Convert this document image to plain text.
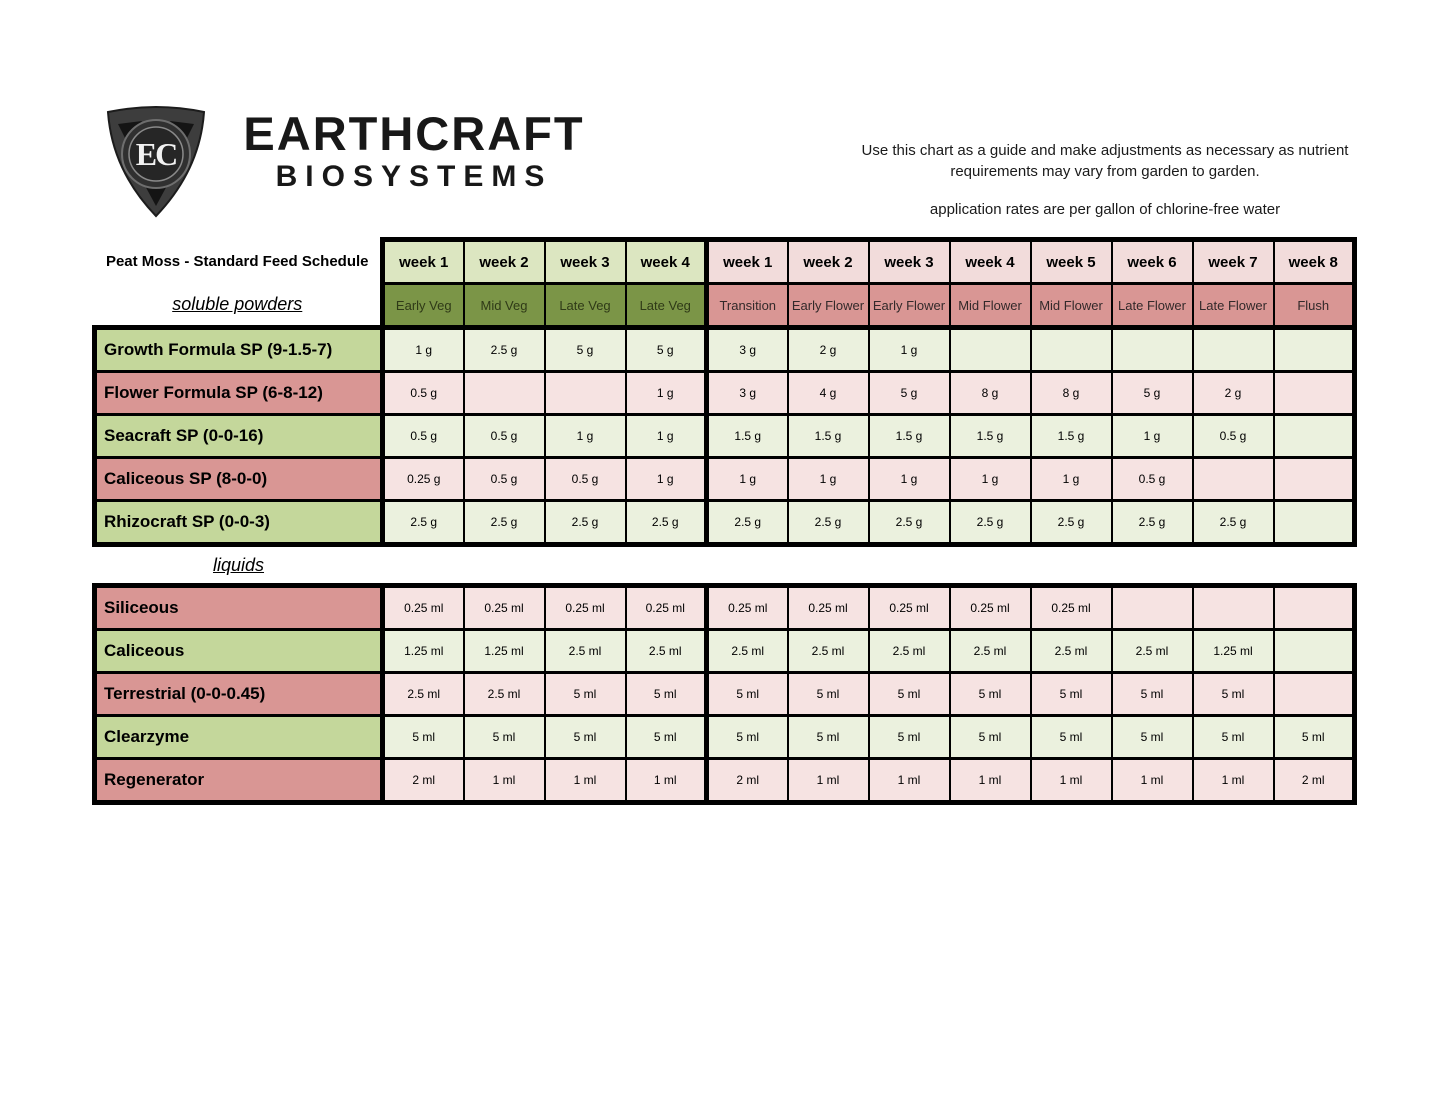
EC	EARTHCRAFT
BIOSYSTEMS
Use this chart as a guide and make adjustments as necessary as nutrient requirements may vary from garden to garden.
application rates are per gallon of chlorine-free water
Peat Moss - Standard Feed Schedule	week 1	week 2	week 3	week 4	week 1	week 2	week 3	week 4	week 5	week 6	week 7	week 8
soluble powders	Early Veg	Mid Veg	Late Veg	Late Veg	Transition	Early Flower	Early Flower	Mid Flower	Mid Flower	Late Flower	Late Flower	Flush
Growth Formula SP (9-1.5-7)	1 g	2.5 g	5 g	5 g	3 g	2 g	1 g					
Flower Formula SP (6-8-12)	0.5 g			1 g	3 g	4 g	5 g	8 g	8 g	5 g	2 g	
Seacraft SP (0-0-16)	0.5 g	0.5 g	1 g	1 g	1.5 g	1.5 g	1.5 g	1.5 g	1.5 g	1 g	0.5 g	
Caliceous SP (8-0-0)	0.25 g	0.5 g	0.5 g	1 g	1 g	1 g	1 g	1 g	1 g	0.5 g		
Rhizocraft SP (0-0-3)	2.5 g	2.5 g	2.5 g	2.5 g	2.5 g	2.5 g	2.5 g	2.5 g	2.5 g	2.5 g	2.5 g	
liquids												
Siliceous	0.25 ml	0.25 ml	0.25 ml	0.25 ml	0.25 ml	0.25 ml	0.25 ml	0.25 ml	0.25 ml			
Caliceous	1.25 ml	1.25 ml	2.5 ml	2.5 ml	2.5 ml	2.5 ml	2.5 ml	2.5 ml	2.5 ml	2.5 ml	1.25 ml	
Terrestrial (0-0-0.45)	2.5 ml	2.5 ml	5 ml	5 ml	5 ml	5 ml	5 ml	5 ml	5 ml	5 ml	5 ml	
Clearzyme	5 ml	5 ml	5 ml	5 ml	5 ml	5 ml	5 ml	5 ml	5 ml	5 ml	5 ml	5 ml
Regenerator	2 ml	1 ml	1 ml	1 ml	2 ml	1 ml	1 ml	1 ml	1 ml	1 ml	1 ml	2 ml
